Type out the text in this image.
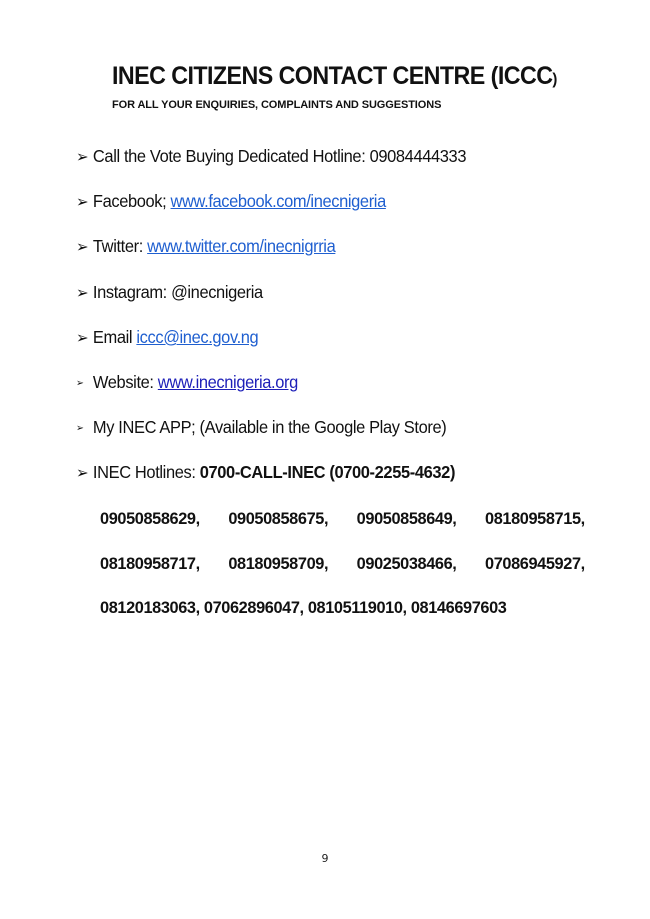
INEC CITIZENS CONTACT CENTRE (ICCC)
FOR ALL YOUR ENQUIRIES, COMPLAINTS AND SUGGESTIONS
➢ Call the Vote Buying Dedicated Hotline: 09084444333
➢ Facebook; www.facebook.com/inecnigeria
➢ Twitter: www.twitter.com/inecnigrria
➢ Instagram: @inecnigeria
➢ Email iccc@inec.gov.ng
➢ Website: www.inecnigeria.org
➢ My INEC APP; (Available in the Google Play Store)
➢ INEC Hotlines: 0700-CALL-INEC (0700-2255-4632)
09050858629, 09050858675, 09050858649, 08180958715,
08180958717, 08180958709, 09025038466, 07086945927,
08120183063, 07062896047, 08105119010, 08146697603
9
